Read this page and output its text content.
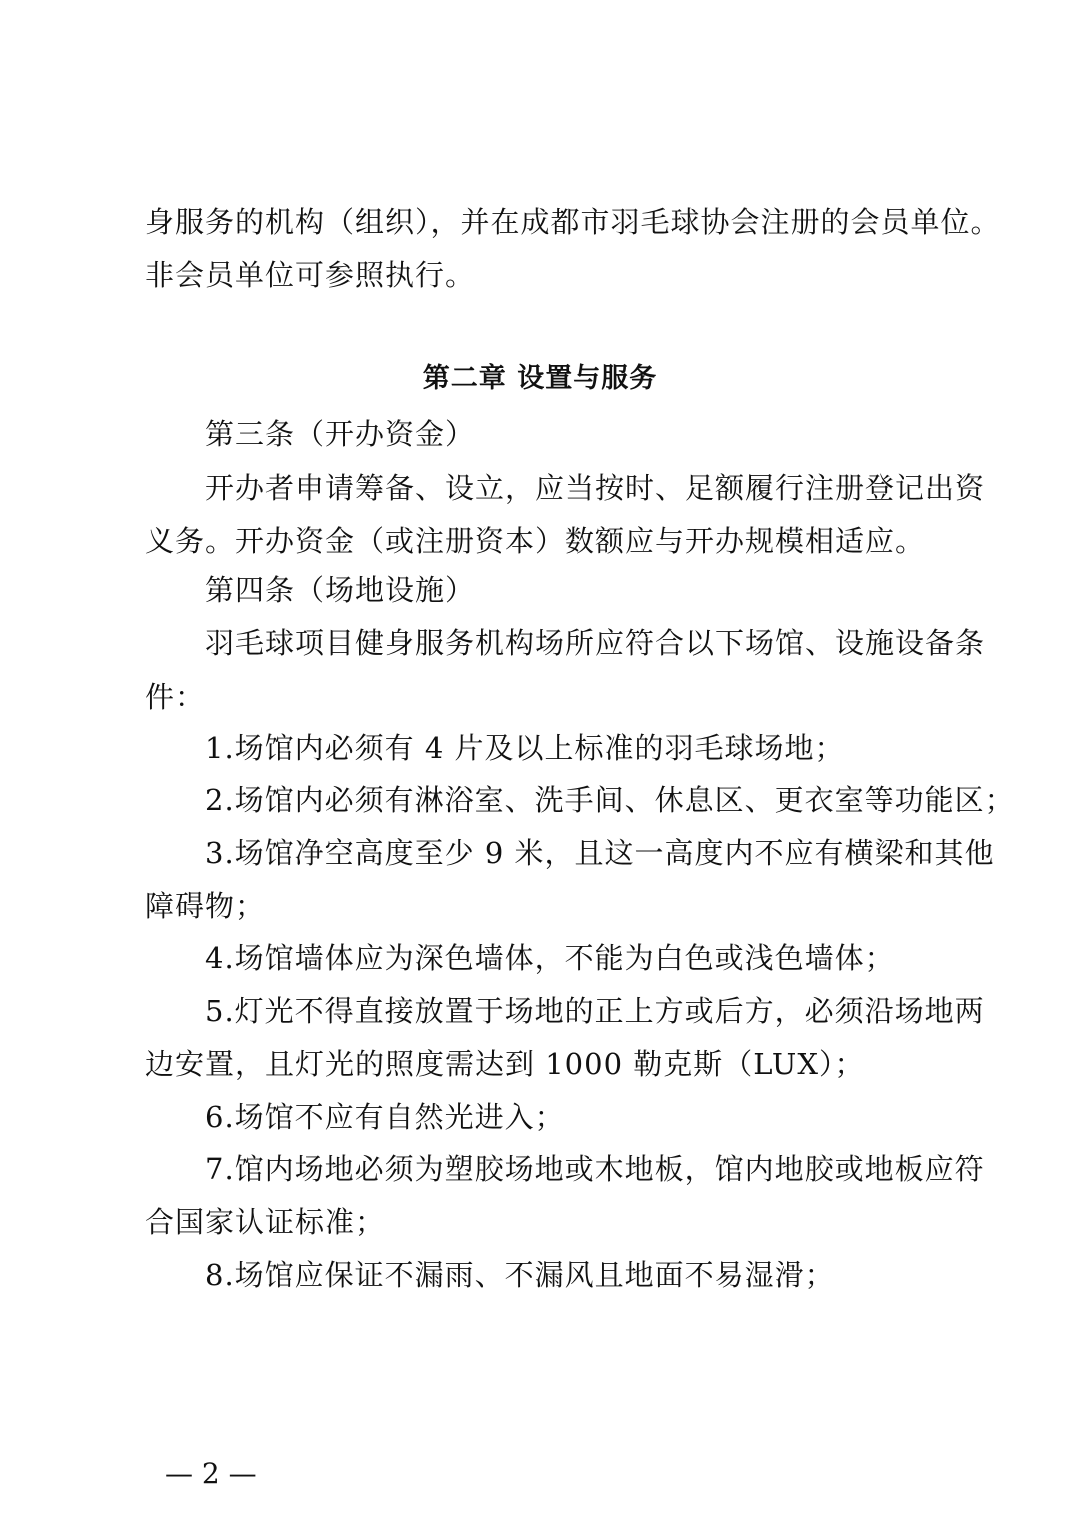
身服务的机构（组织），并在成都市羽毛球协会注册的会员单位。
非会员单位可参照执行。
第二章 设置与服务
第三条（开办资金）
开办者申请筹备、设立，应当按时、足额履行注册登记出资
义务。开办资金（或注册资本）数额应与开办规模相适应。
第四条（场地设施）
羽毛球项目健身服务机构场所应符合以下场馆、设施设备条
件：
1.场馆内必须有 4 片及以上标准的羽毛球场地；
2.场馆内必须有淋浴室、洗手间、休息区、更衣室等功能区；
3.场馆净空高度至少 9 米，且这一高度内不应有横梁和其他
障碍物；
4.场馆墙体应为深色墙体，不能为白色或浅色墙体；
5.灯光不得直接放置于场地的正上方或后方，必须沿场地两
边安置，且灯光的照度需达到 1000 勒克斯（LUX）；
6.场馆不应有自然光进入；
7.馆内场地必须为塑胶场地或木地板，馆内地胶或地板应符
合国家认证标准；
8.场馆应保证不漏雨、不漏风且地面不易湿滑；
— 2 —
